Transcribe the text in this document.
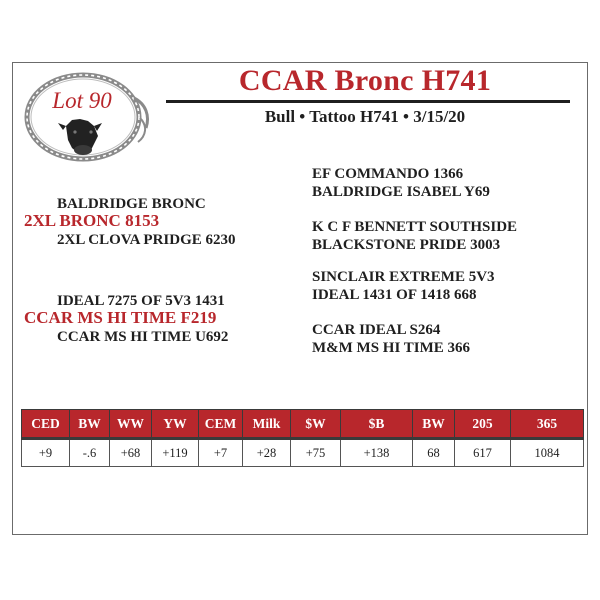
Lot 90
CCAR Bronc H741
Bull • Tattoo H741 • 3/15/20
BALDRIDGE BRONC
2XL BRONC 8153
2XL CLOVA PRIDGE 6230
IDEAL 7275 OF 5V3 1431
CCAR MS HI TIME F219
CCAR MS HI TIME U692
EF COMMANDO 1366
BALDRIDGE ISABEL Y69
K C F BENNETT SOUTHSIDE
BLACKSTONE PRIDE 3003
SINCLAIR EXTREME 5V3
IDEAL 1431 OF 1418 668
CCAR IDEAL S264
M&M MS HI TIME 366
CED	BW	WW	YW	CEM	Milk	$W	$B	BW	205	365
+9	-.6	+68	+119	+7	+28	+75	+138	68	617	1084
